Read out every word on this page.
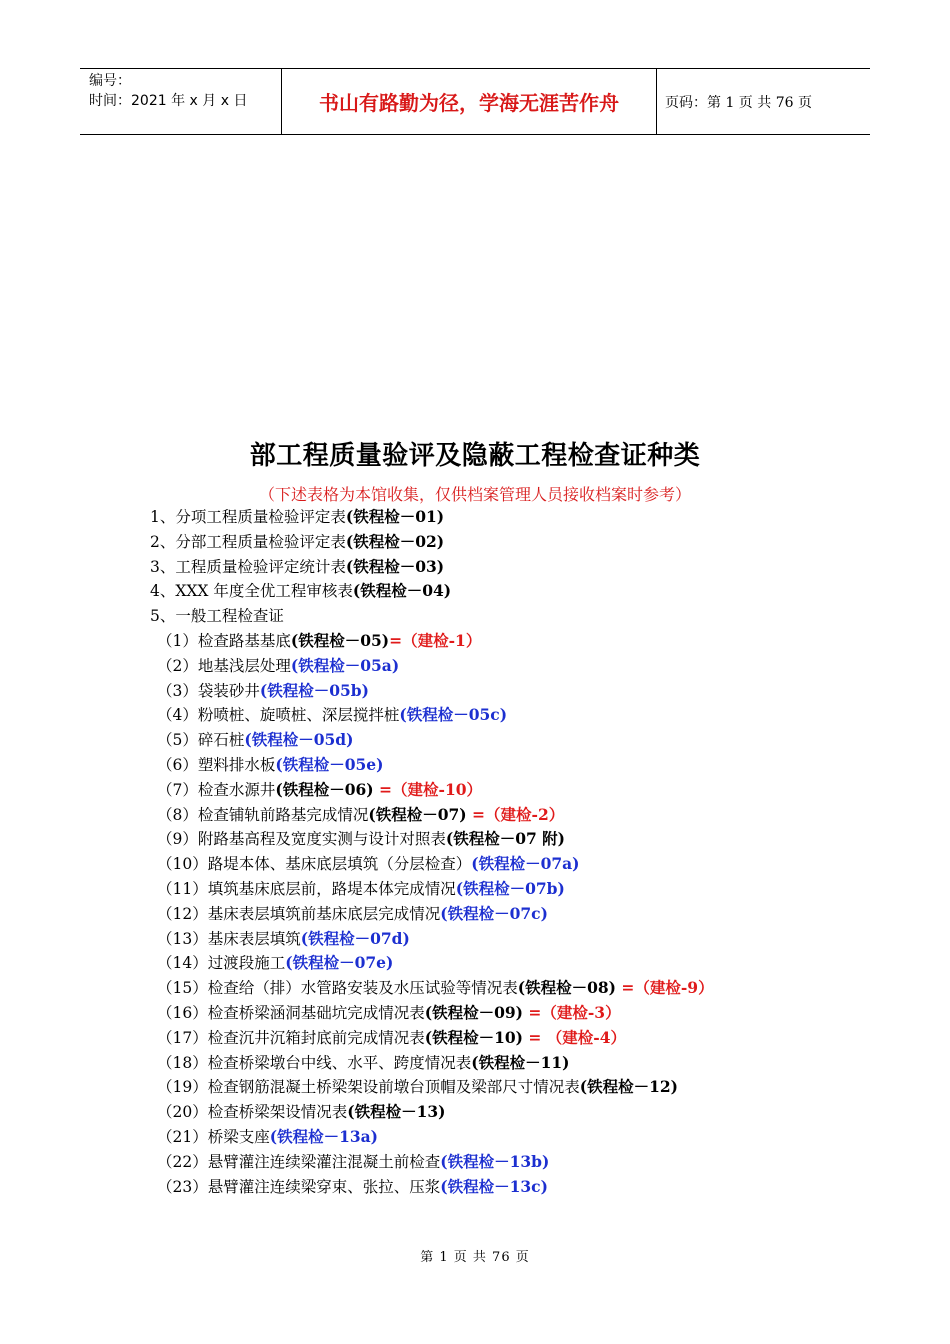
编号：
时间：2021 年 x 月 x 日	书山有路勤为径，学海无涯苦作舟	页码：第 1 页 共 76 页
部工程质量验评及隐蔽工程检查证种类
（下述表格为本馆收集，仅供档案管理人员接收档案时参考）
1、分项工程质量检验评定表(铁程检－01)
2、分部工程质量检验评定表(铁程检－02)
3、工程质量检验评定统计表(铁程检－03)
4、XXX 年度全优工程审核表(铁程检－04)
5、一般工程检查证
（1）检查路基基底(铁程检－05)=（建检-1）
（2）地基浅层处理(铁程检－05a)
（3）袋装砂井(铁程检－05b)
（4）粉喷桩、旋喷桩、深层搅拌桩(铁程检－05c)
（5）碎石桩(铁程检－05d)
（6）塑料排水板(铁程检－05e)
（7）检查水源井(铁程检－06) =（建检-10）
（8）检查铺轨前路基完成情况(铁程检－07) =（建检-2）
（9）附路基高程及宽度实测与设计对照表(铁程检－07 附)
（10）路堤本体、基床底层填筑（分层检查）(铁程检－07a)
（11）填筑基床底层前，路堤本体完成情况(铁程检－07b)
（12）基床表层填筑前基床底层完成情况(铁程检－07c)
（13）基床表层填筑(铁程检－07d)
（14）过渡段施工(铁程检－07e)
（15）检查给（排）水管路安装及水压试验等情况表(铁程检－08) =（建检-9）
（16）检查桥梁涵洞基础坑完成情况表(铁程检－09) =（建检-3）
（17）检查沉井沉箱封底前完成情况表(铁程检－10) = （建检-4）
（18）检查桥梁墩台中线、水平、跨度情况表(铁程检－11)
（19）检查钢筋混凝土桥梁架设前墩台顶帽及梁部尺寸情况表(铁程检－12)
（20）检查桥梁架设情况表(铁程检－13)
（21）桥梁支座(铁程检－13a)
（22）悬臂灌注连续梁灌注混凝土前检查(铁程检－13b)
（23）悬臂灌注连续梁穿束、张拉、压浆(铁程检－13c)
第 1 页 共 76 页
